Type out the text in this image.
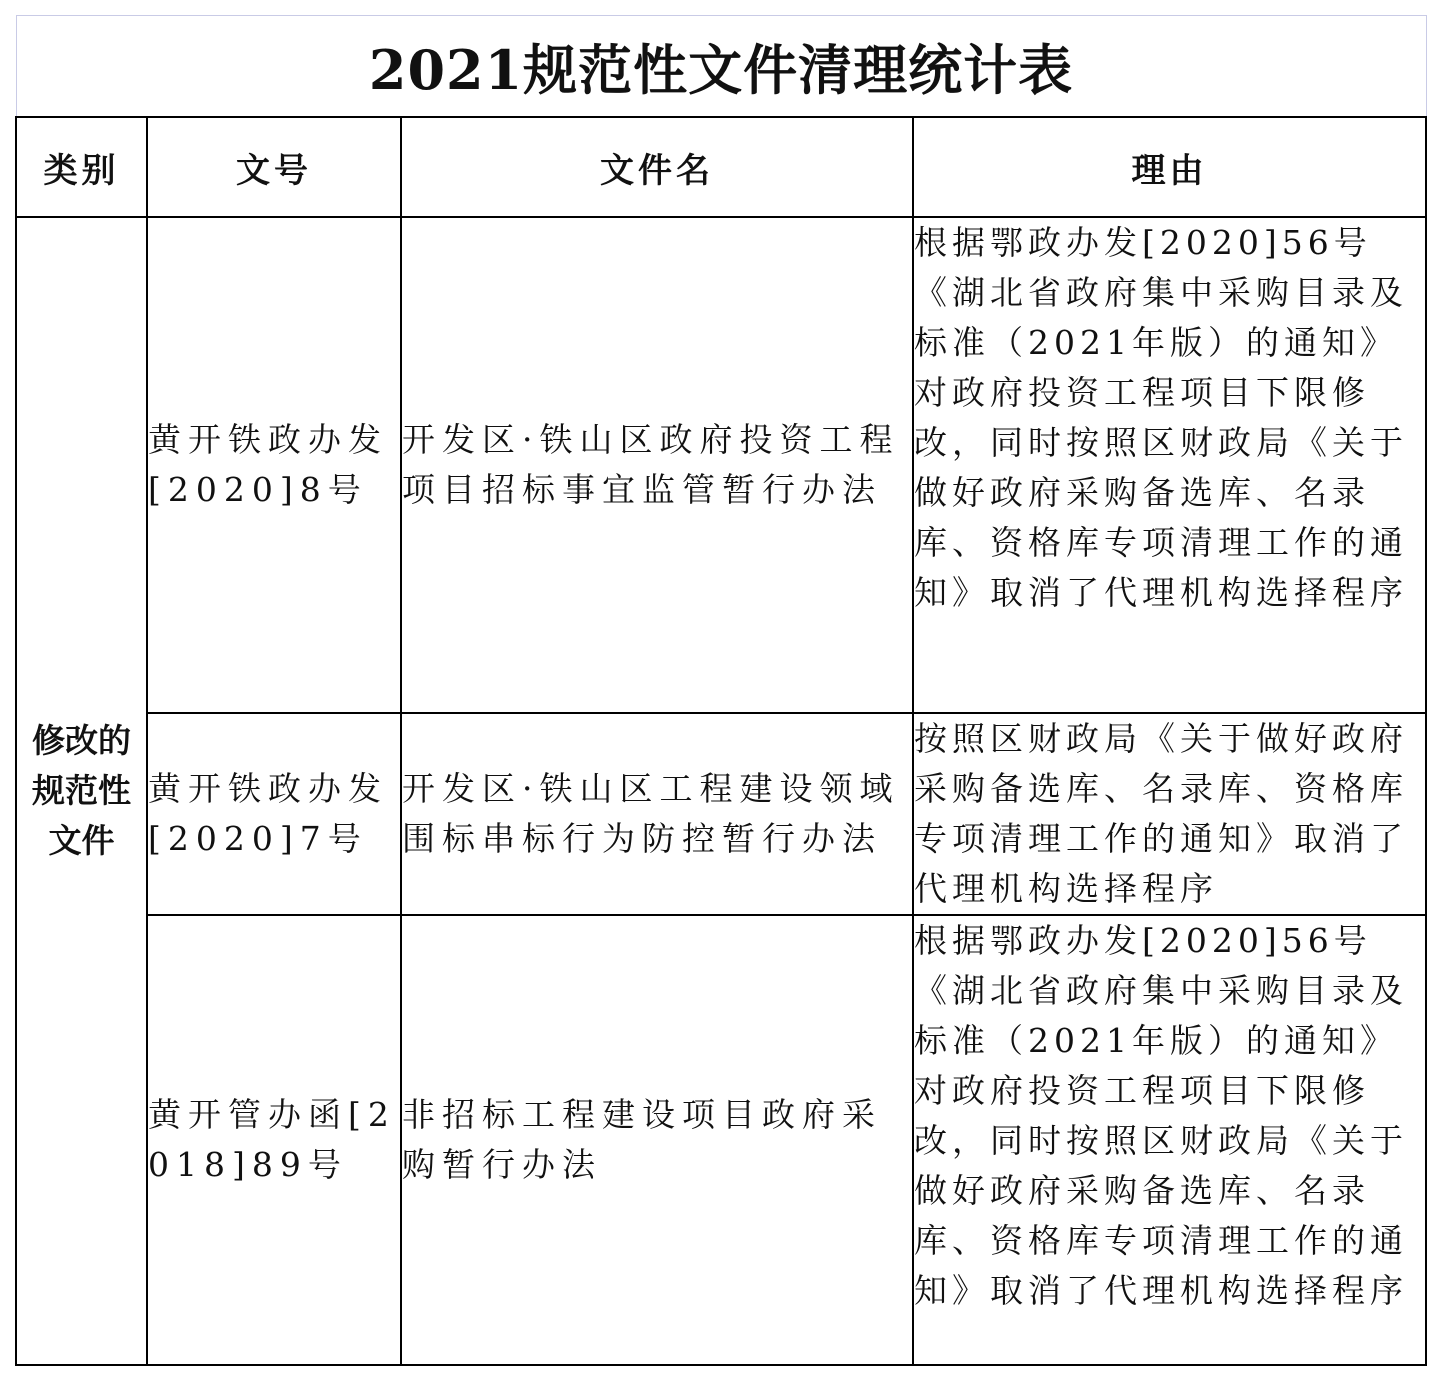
2021规范性文件清理统计表			
类别	文号	文件名	理由
修改的规范性文件	黄开铁政办发[2020]8号	开发区·铁山区政府投资工程项目招标事宜监管暂行办法	根据鄂政办发[2020]56号《湖北省政府集中采购目录及标准（2021年版）的通知》对政府投资工程项目下限修改，同时按照区财政局《关于做好政府采购备选库、名录库、资格库专项清理工作的通知》取消了代理机构选择程序
	黄开铁政办发[2020]7号	开发区·铁山区工程建设领域围标串标行为防控暂行办法	按照区财政局《关于做好政府采购备选库、名录库、资格库专项清理工作的通知》取消了代理机构选择程序
	黄开管办函[2018]89号	非招标工程建设项目政府采购暂行办法	根据鄂政办发[2020]56号《湖北省政府集中采购目录及标准（2021年版）的通知》对政府投资工程项目下限修改，同时按照区财政局《关于做好政府采购备选库、名录库、资格库专项清理工作的通知》取消了代理机构选择程序
